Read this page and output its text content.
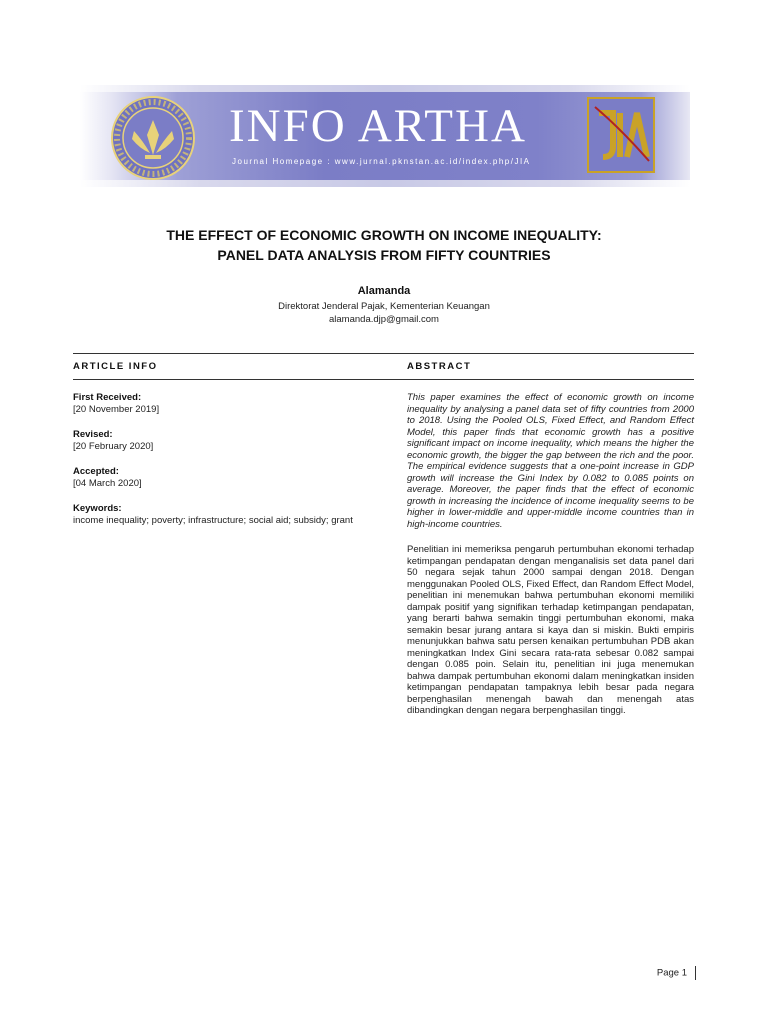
INFO ARTHA
Journal Homepage : www.jurnal.pknstan.ac.id/index.php/JIA
THE EFFECT OF ECONOMIC GROWTH ON INCOME INEQUALITY:
PANEL DATA ANALYSIS FROM FIFTY COUNTRIES
Alamanda
Direktorat Jenderal Pajak, Kementerian Keuangan
alamanda.djp@gmail.com
ARTICLE INFO	ABSTRACT
First Received:
[20 November 2019]
Revised:
[20 February 2020]
Accepted:
[04 March 2020]
Keywords:
income inequality; poverty; infrastructure; social aid; subsidy; grant

This paper examines the effect of economic growth on income inequality by analysing a panel data set of fifty countries from 2000 to 2018. Using the Pooled OLS, Fixed Effect, and Random Effect Model, this paper finds that economic growth has a positive significant impact on income inequality, which means the higher the economic growth, the bigger the gap between the rich and the poor. The empirical evidence suggests that a one-point increase in GDP growth will increase the Gini Index by 0.082 to 0.085 points on average. Moreover, the paper finds that the effect of economic growth in increasing the incidence of income inequality seems to be higher in lower-middle and upper-middle income countries than in high-income countries.

Penelitian ini memeriksa pengaruh pertumbuhan ekonomi terhadap ketimpangan pendapatan dengan menganalisis set data panel dari 50 negara sejak tahun 2000 sampai dengan 2018. Dengan menggunakan Pooled OLS, Fixed Effect, dan Random Effect Model, penelitian ini menemukan bahwa pertumbuhan ekonomi memiliki dampak positif yang signifikan terhadap ketimpangan pendapatan, yang berarti bahwa semakin tinggi pertumbuhan ekonomi, maka semakin besar jurang antara si kaya dan si miskin. Bukti empiris menunjukkan bahwa satu persen kenaikan pertumbuhan PDB akan meningkatkan Index Gini secara rata-rata sebesar 0.082 sampai dengan 0.085 poin. Selain itu, penelitian ini juga menemukan bahwa dampak pertumbuhan ekonomi dalam meningkatkan insiden ketimpangan pendapatan tampaknya lebih besar pada negara berpenghasilan menengah bawah dan menengah atas dibandingkan dengan negara berpenghasilan tinggi.

Page 1
